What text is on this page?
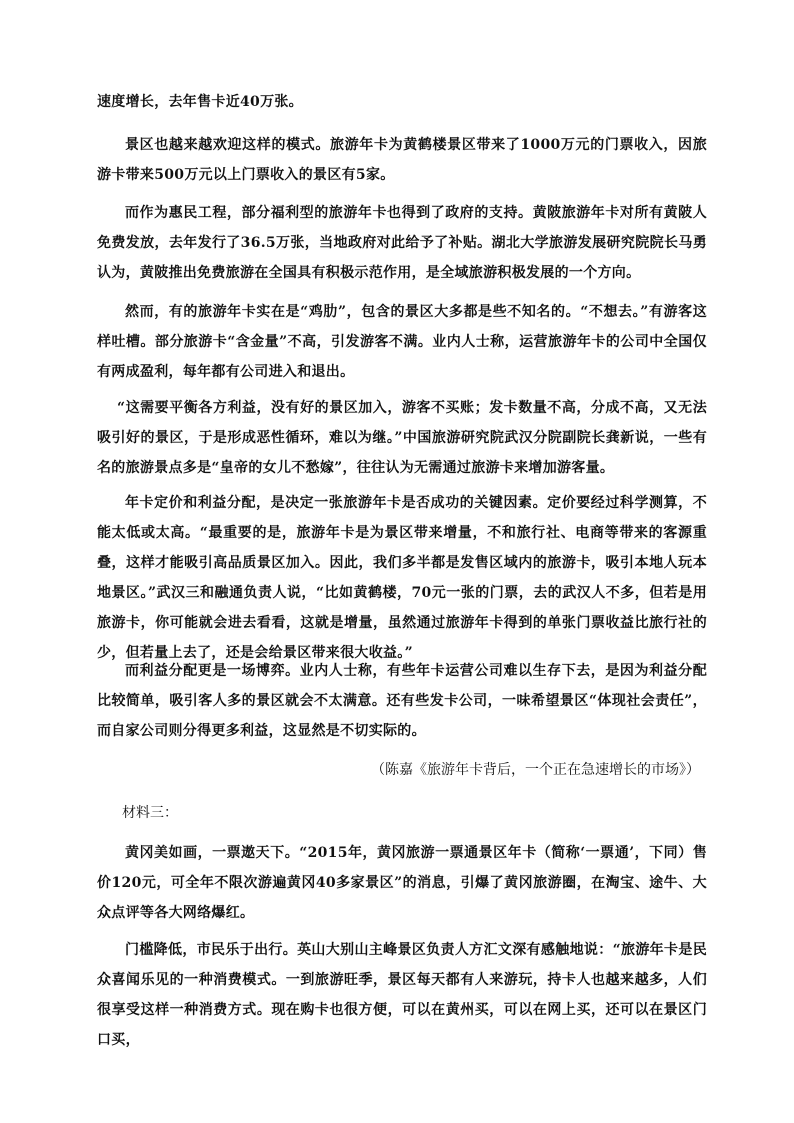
速度增长，去年售卡近40万张。

景区也越来越欢迎这样的模式。旅游年卡为黄鹤楼景区带来了1000万元的门票收入，因旅游卡带来500万元以上门票收入的景区有5家。

而作为惠民工程，部分福利型的旅游年卡也得到了政府的支持。黄陂旅游年卡对所有黄陂人免费发放，去年发行了36.5万张，当地政府对此给予了补贴。湖北大学旅游发展研究院院长马勇认为，黄陂推出免费旅游在全国具有积极示范作用，是全域旅游积极发展的一个方向。

然而，有的旅游年卡实在是“鸡肋”，包含的景区大多都是些不知名的。“不想去。”有游客这样吐槽。部分旅游卡“含金量”不高，引发游客不满。业内人士称，运营旅游年卡的公司中全国仅有两成盈利，每年都有公司进入和退出。

“这需要平衡各方利益，没有好的景区加入，游客不买账；发卡数量不高，分成不高，又无法吸引好的景区，于是形成恶性循环，难以为继。”中国旅游研究院武汉分院副院长龚新说，一些有名的旅游景点多是“皇帝的女儿不愁嫁”，往往认为无需通过旅游卡来增加游客量。

年卡定价和利益分配，是决定一张旅游年卡是否成功的关键因素。定价要经过科学测算，不能太低或太高。“最重要的是，旅游年卡是为景区带来增量，不和旅行社、电商等带来的客源重叠，这样才能吸引高品质景区加入。因此，我们多半都是发售区域内的旅游卡，吸引本地人玩本地景区。”武汉三和融通负责人说，“比如黄鹤楼，70元一张的门票，去的武汉人不多，但若是用旅游卡，你可能就会进去看看，这就是增量，虽然通过旅游年卡得到的单张门票收益比旅行社的少，但若量上去了，还是会给景区带来很大收益。”

而利益分配更是一场博弈。业内人士称，有些年卡运营公司难以生存下去，是因为利益分配比较简单，吸引客人多的景区就会不太满意。还有些发卡公司，一味希望景区“体现社会责任”，而自家公司则分得更多利益，这显然是不切实际的。

（陈嘉《旅游年卡背后，一个正在急速增长的市场》）
材料三：

黄冈美如画，一票遨天下。“2015年，黄冈旅游一票通景区年卡（简称‘一票通’，下同）售价120元，可全年不限次游遍黄冈40多家景区”的消息，引爆了黄冈旅游圈，在淘宝、途牛、大众点评等各大网络爆红。

门槛降低，市民乐于出行。英山大别山主峰景区负责人方汇文深有感触地说：“旅游年卡是民众喜闻乐见的一种消费模式。一到旅游旺季，景区每天都有人来游玩，持卡人也越来越多，人们很享受这样一种消费方式。现在购卡也很方便，可以在黄州买，可以在网上买，还可以在景区门口买，
